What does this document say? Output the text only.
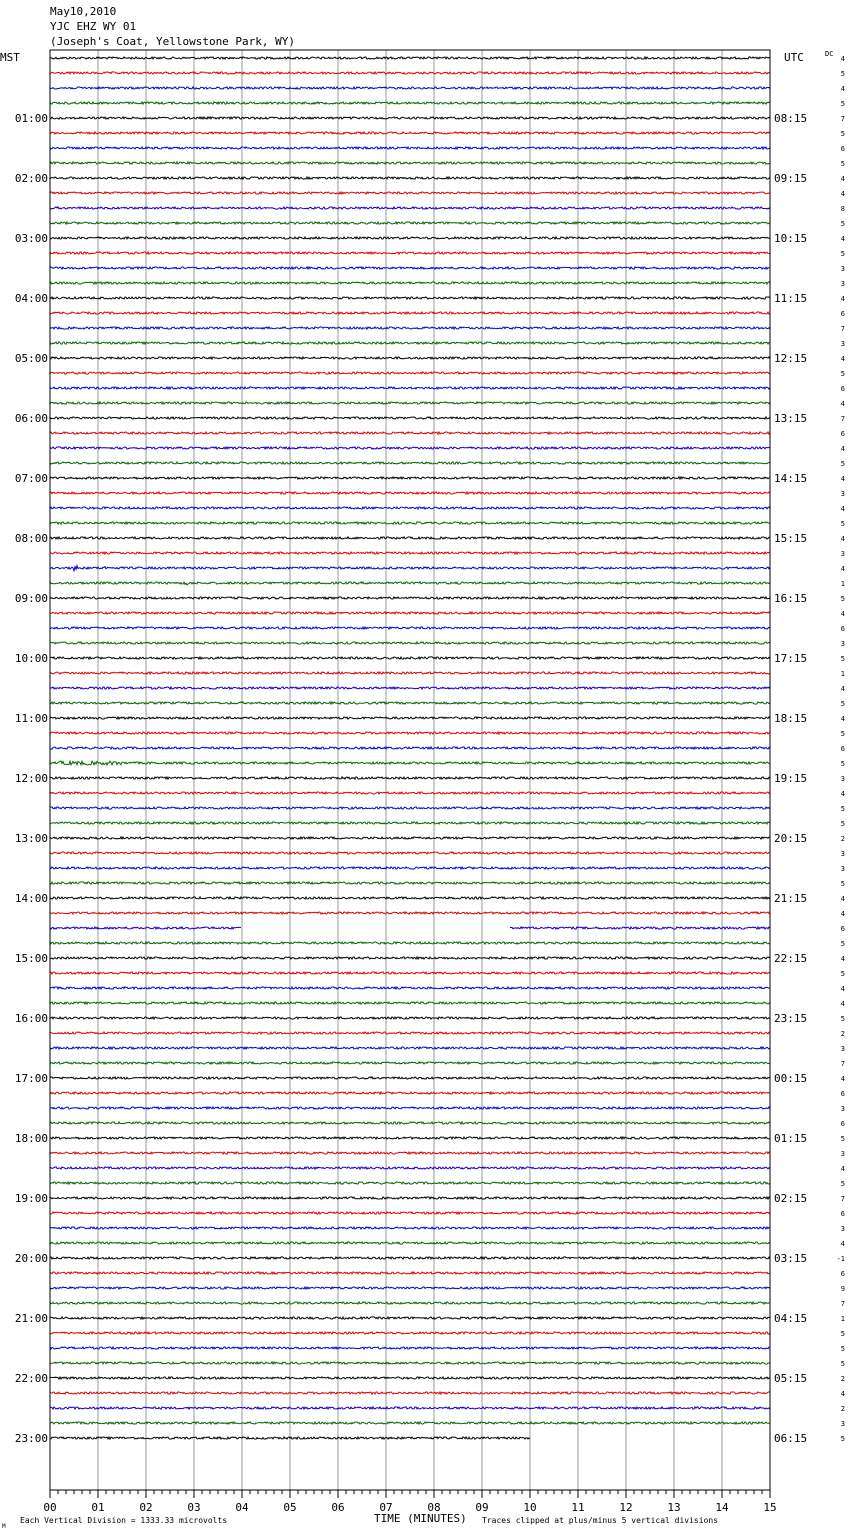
May10,2010
YJC EHZ WY 01
(Joseph's Coat, Yellowstone Park, WY)
MST	UTC	DC
TIME (MINUTES)
M
Each Vertical Division = 1333.33 microvolts	Traces clipped at plus/minus 5 vertical divisions
00	01	02	03	04	05	06	07	08	09	10	11	12	13	14	15
01:00
02:00
03:00
04:00
05:00
06:00
07:00
08:00
09:00
10:00
11:00
12:00
13:00
14:00
15:00
16:00
17:00
18:00
19:00
20:00
21:00
22:00
23:00
08:15
09:15
10:15
11:15
12:15
13:15
14:15
15:15
16:15
17:15
18:15
19:15
20:15
21:15
22:15
23:15
00:15
01:15
02:15
03:15
04:15
05:15
06:15
4
5
4
5
7
5
6
5
4
4
8
5
4
5
3
3
4
6
7
3
4
5
6
4
7
6
4
5
4
3
4
5
4
3
4
1
5
4
6
3
5
1
4
5
4
5
6
5
3
4
5
5
2
3
3
5
4
4
6
5
4
5
4
4
5
2
3
7
4
6
3
6
5
3
4
5
7
6
3
4
-1
6
9
7
1
5
5
5
2
4
2
3
5
